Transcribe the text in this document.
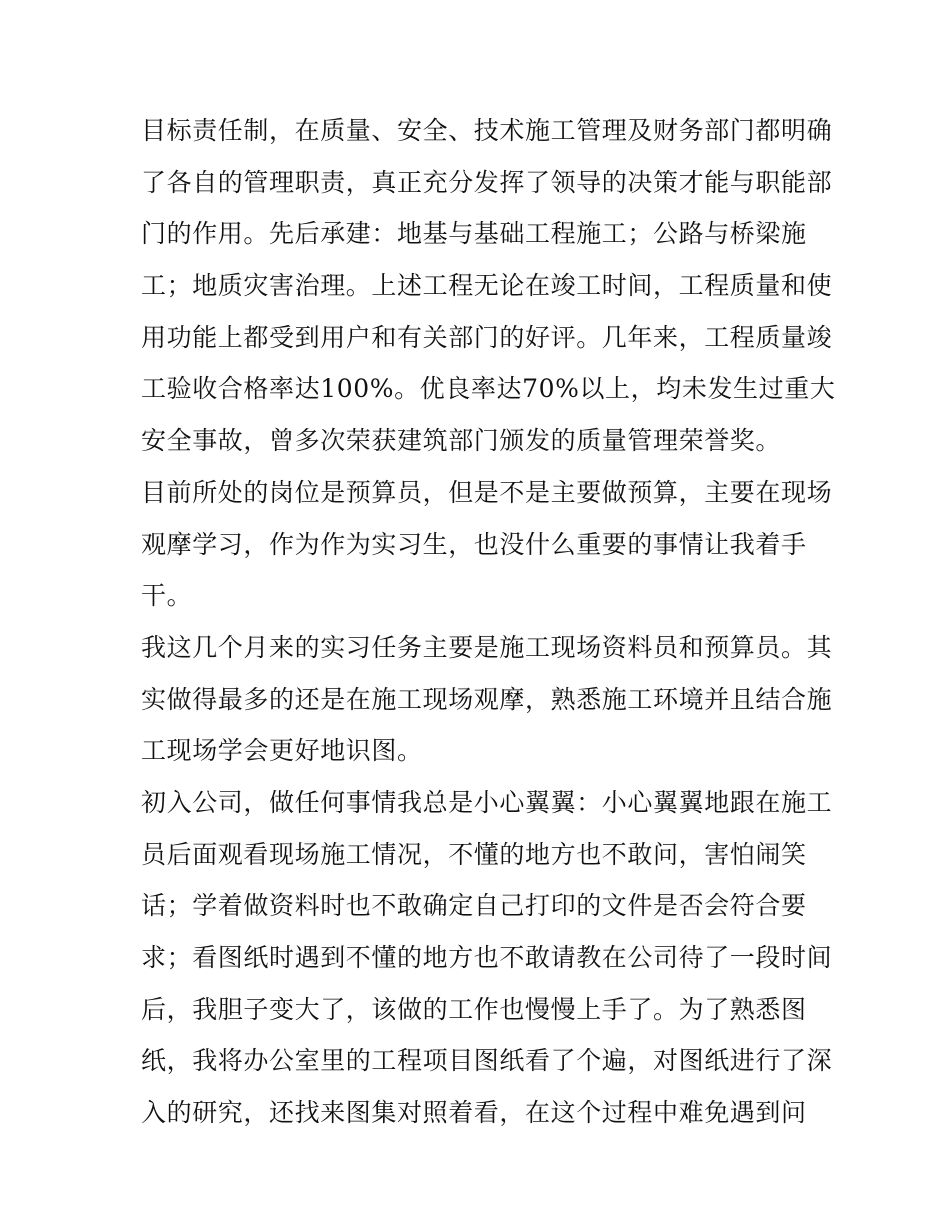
目标责任制，在质量、安全、技术施工管理及财务部门都明确
了各自的管理职责，真正充分发挥了领导的决策才能与职能部
门的作用。先后承建：地基与基础工程施工；公路与桥梁施
工；地质灾害治理。上述工程无论在竣工时间，工程质量和使
用功能上都受到用户和有关部门的好评。几年来，工程质量竣
工验收合格率达100%。优良率达70%以上，均未发生过重大
安全事故，曾多次荣获建筑部门颁发的质量管理荣誉奖。
目前所处的岗位是预算员，但是不是主要做预算，主要在现场
观摩学习，作为作为实习生，也没什么重要的事情让我着手
干。
我这几个月来的实习任务主要是施工现场资料员和预算员。其
实做得最多的还是在施工现场观摩，熟悉施工环境并且结合施
工现场学会更好地识图。
初入公司，做任何事情我总是小心翼翼：小心翼翼地跟在施工
员后面观看现场施工情况，不懂的地方也不敢问，害怕闹笑
话；学着做资料时也不敢确定自己打印的文件是否会符合要
求；看图纸时遇到不懂的地方也不敢请教在公司待了一段时间
后，我胆子变大了，该做的工作也慢慢上手了。为了熟悉图
纸，我将办公室里的工程项目图纸看了个遍，对图纸进行了深
入的研究，还找来图集对照着看，在这个过程中难免遇到问
